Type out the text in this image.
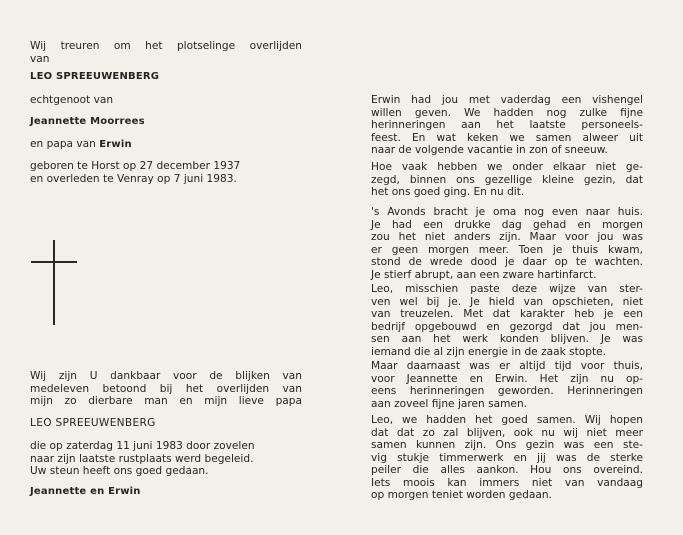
Wij treuren om het plotselinge overlijden
van
LEO SPREEUWENBERG
echtgenoot van
Jeannette Moorrees
en papa van Erwin
geboren te Horst op 27 december 1937
en overleden te Venray op 7 juni 1983.
Wij zijn U dankbaar voor de blijken van
medeleven betoond bij het overlijden van
mijn zo dierbare man en mijn lieve papa
LEO SPREEUWENBERG
die op zaterdag 11 juni 1983 door zovelen
naar zijn laatste rustplaats werd begeleid.
Uw steun heeft ons goed gedaan.
Jeannette en Erwin
Erwin had jou met vaderdag een vishengel
willen geven. We hadden nog zulke fijne
herinneringen aan het laatste personeels-
feest. En wat keken we samen alweer uit
naar de volgende vacantie in zon of sneeuw.
Hoe vaak hebben we onder elkaar niet ge-
zegd, binnen ons gezellige kleine gezin, dat
het ons goed ging. En nu dit.
's Avonds bracht je oma nog even naar huis.
Je had een drukke dag gehad en morgen
zou het niet anders zijn. Maar voor jou was
er geen morgen meer. Toen je thuis kwam,
stond de wrede dood je daar op te wachten.
Je stierf abrupt, aan een zware hartinfarct.
Leo, misschien paste deze wijze van ster-
ven wel bij je. Je hield van opschieten, niet
van treuzelen. Met dat karakter heb je een
bedrijf opgebouwd en gezorgd dat jou men-
sen aan het werk konden blijven. Je was
iemand die al zijn energie in de zaak stopte.
Maar daarnaast was er altijd tijd voor thuis,
voor Jeannette en Erwin. Het zijn nu op-
eens herinneringen geworden. Herinneringen
aan zoveel fijne jaren samen.
Leo, we hadden het goed samen. Wij hopen
dat dat zo zal blijven, ook nu wij niet meer
samen kunnen zijn. Ons gezin was een ste-
vig stukje timmerwerk en jij was de sterke
peiler die alles aankon. Hou ons overeind.
Iets moois kan immers niet van vandaag
op morgen teniet worden gedaan.
